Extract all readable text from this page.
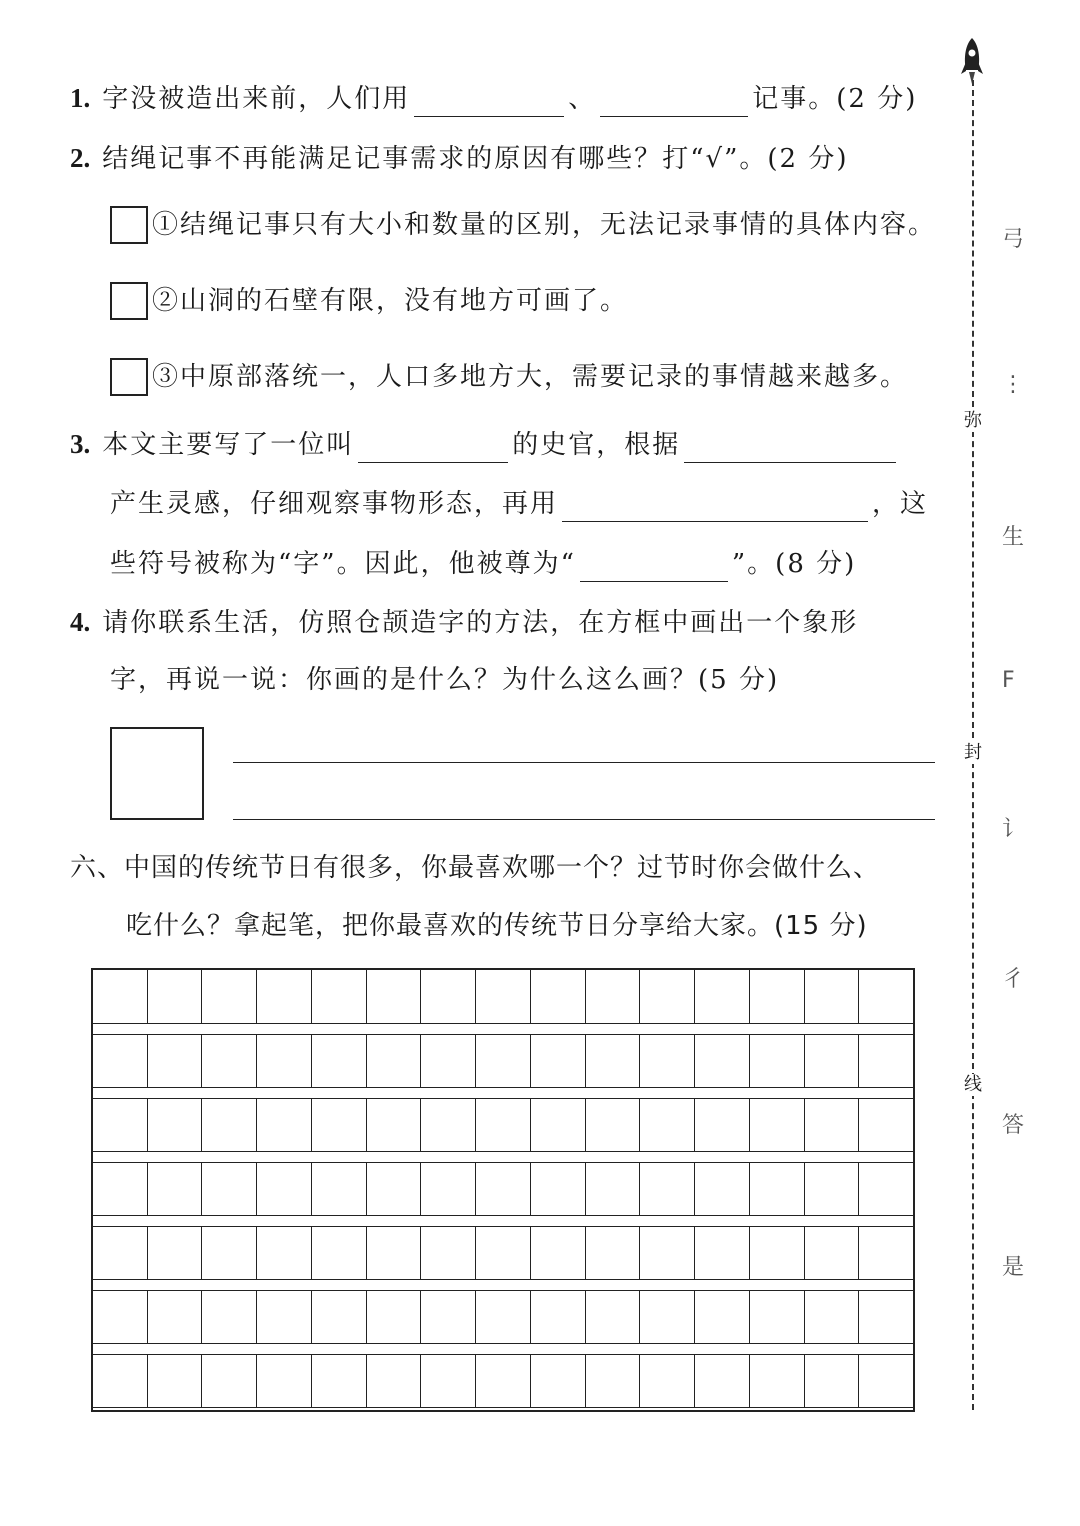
1. 字没被造出来前，人们用	、	记事。(2 分)
2. 结绳记事不再能满足记事需求的原因有哪些？打“√”。(2 分)
①结绳记事只有大小和数量的区别，无法记录事情的具体内容。
②山洞的石壁有限，没有地方可画了。
③中原部落统一，人口多地方大，需要记录的事情越来越多。
3. 本文主要写了一位叫	的史官，根据
产生灵感，仔细观察事物形态，再用	，这
些符号被称为“字”。因此，他被尊为“	”。(8 分)
4. 请你联系生活，仿照仓颉造字的方法，在方框中画出一个象形
字，再说一说：你画的是什么？为什么这么画？(5 分)
六、中国的传统节日有很多，你最喜欢哪一个？过节时你会做什么、
吃什么？拿起笔，把你最喜欢的传统节日分享给大家。(15 分)
弥
封
线
弓
⋮
生
F
讠
彳
答
是
